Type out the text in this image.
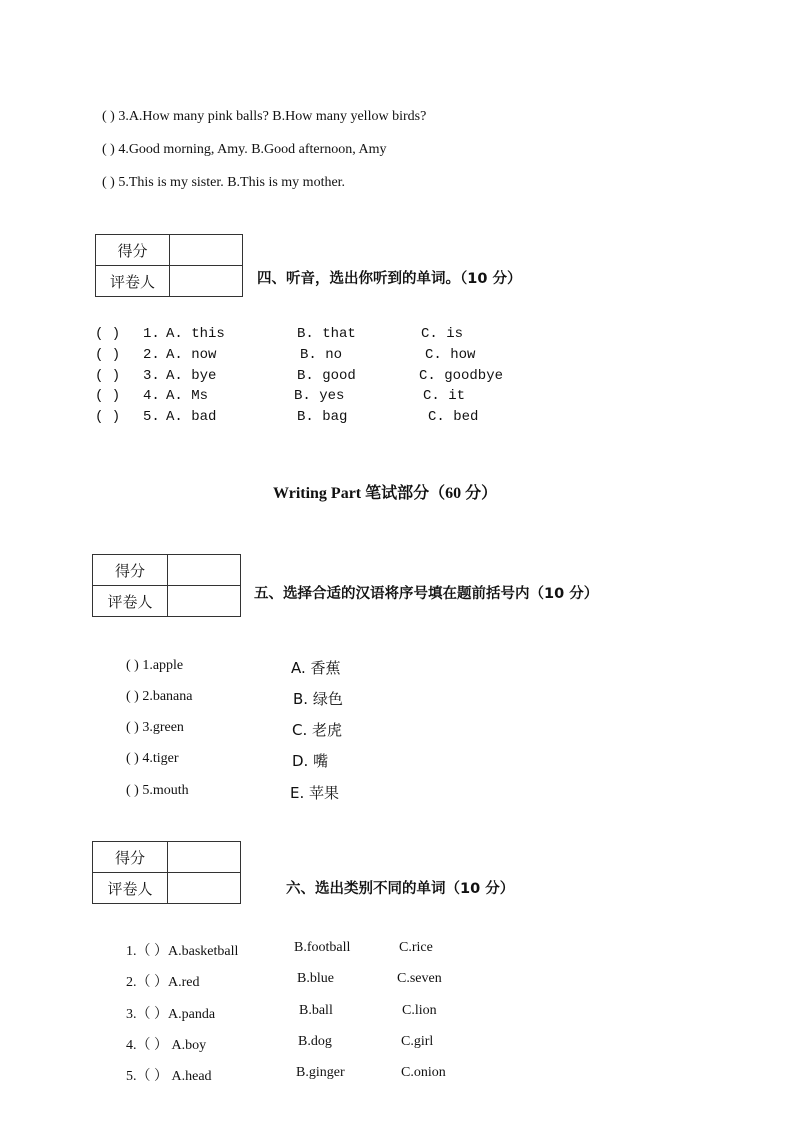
( ) 3.A.How many pink balls? B.How many yellow birds?
( ) 4.Good morning, Amy. B.Good afternoon, Amy
( ) 5.This is my sister. B.This is my mother.
得分	
评卷人		四、听音，选出你听到的单词。（10 分）
( ) 1. A. this	B. that	C. is
( ) 2. A. now	B. no	C. how
( ) 3. A. bye	B. good	C. goodbye
( ) 4. A. Ms	B. yes	C. it
( ) 5. A. bad	B. bag	C. bed
Writing Part 笔试部分（60 分）
得分	
评卷人		五、选择合适的汉语将序号填在题前括号内（10 分）
( ) 1.apple	A. 香蕉
( ) 2.banana	B. 绿色
( ) 3.green	C. 老虎
( ) 4.tiger	D. 嘴
( ) 5.mouth	E. 苹果
得分	
评卷人		六、选出类别不同的单词（10 分）
1.（ ）A.basketball	B.football	C.rice
2.（ ）A.red	B.blue	C.seven
3.（ ）A.panda	B.ball	C.lion
4.（ ） A.boy	B.dog	C.girl
5.（ ） A.head	B.ginger	C.onion
